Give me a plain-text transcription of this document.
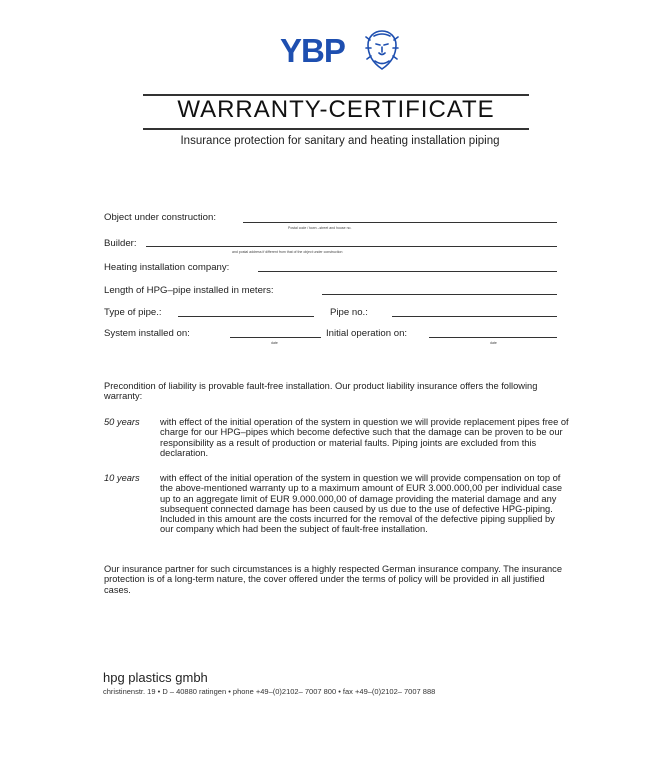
YBP
WARRANTY-CERTIFICATE
Insurance protection for sanitary and heating installation piping
Object under construction:
Postal code / town –street and house no.
Builder:
and postal address if different from that of the object under construction
Heating installation company:
Length of HPG–pipe installed in meters:
Type of pipe.:	Pipe no.:
System installed on:
date
Initial operation on:
date
Precondition of liability is provable fault-free installation. Our product liability insurance offers the following warranty:
50 years with effect of the initial operation of the system in question we will provide replacement pipes free of charge for our HPG–pipes which become defective such that the damage can be proven to be our responsibility as a result of production or material faults. Piping joints are excluded from this declaration.
10 years with effect of the initial operation of the system in question we will provide compensation on top of the above-mentioned warranty up to a maximum amount of EUR 3.000.000,00 per individual case up to an aggregate limit of EUR 9.000.000,00 of damage providing the material damage and any subsequent connected damage has been caused by us due to the use of defective HPG-piping. Included in this amount are the costs incurred for the removal of the defective piping supplied by our company which had been the subject of fault-free installation.
Our insurance partner for such circumstances is a highly respected German insurance company. The insurance protection is of a long-term nature, the cover offered under the terms of policy will be provided in all justified cases.
hpg plastics gmbh
christinenstr. 19 • D – 40880 ratingen • phone +49–(0)2102– 7007 800 • fax +49–(0)2102– 7007 888
